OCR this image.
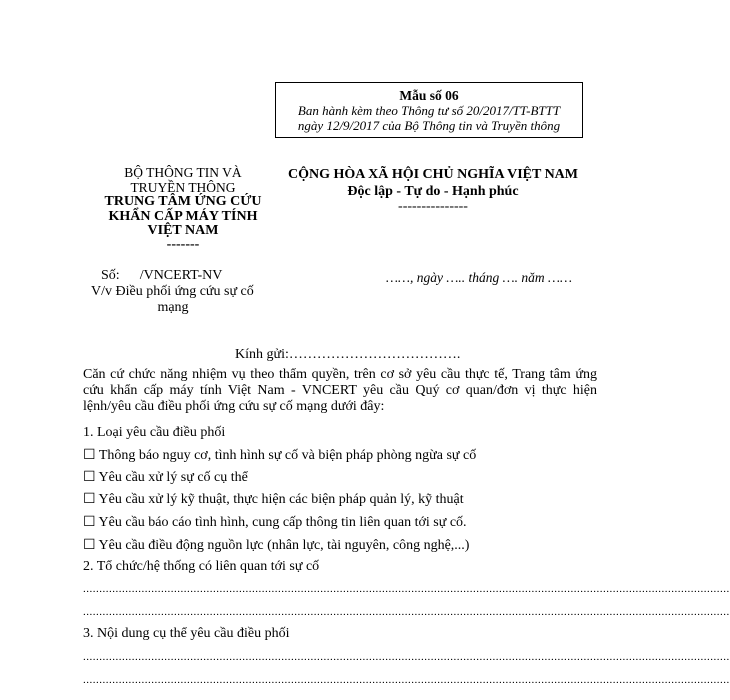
Mẫu số 06
Ban hành kèm theo Thông tư số 20/2017/TT-BTTT
ngày 12/9/2017 của Bộ Thông tin và Truyền thông
BỘ THÔNG TIN VÀ
TRUYỀN THÔNG
TRUNG TÂM ỨNG CỨU
KHẨN CẤP MÁY TÍNH
VIỆT NAM
-------
CỘNG HÒA XÃ HỘI CHỦ NGHĨA VIỆT NAM
Độc lập - Tự do - Hạnh phúc
---------------
Số: /VNCERT-NV
V/v Điều phối ứng cứu sự cố
mạng
……, ngày ….. tháng …. năm ……
Kính gửi:……………………………….
Căn cứ chức năng nhiệm vụ theo thẩm quyền, trên cơ sở yêu cầu thực tế, Trang tâm ứng cứu khẩn cấp máy tính Việt Nam - VNCERT yêu cầu Quý cơ quan/đơn vị thực hiện lệnh/yêu cầu điều phối ứng cứu sự cố mạng dưới đây:
1. Loại yêu cầu điều phối
☐ Thông báo nguy cơ, tình hình sự cố và biện pháp phòng ngừa sự cố
☐ Yêu cầu xử lý sự cố cụ thể
☐ Yêu cầu xử lý kỹ thuật, thực hiện các biện pháp quản lý, kỹ thuật
☐ Yêu cầu báo cáo tình hình, cung cấp thông tin liên quan tới sự cố.
☐ Yêu cầu điều động nguồn lực (nhân lực, tài nguyên, công nghệ,...)
2. Tổ chức/hệ thống có liên quan tới sự cố
.......................................................................................................................................................................................................
.......................................................................................................................................................................................................
3. Nội dung cụ thể yêu cầu điều phối
.......................................................................................................................................................................................................
.......................................................................................................................................................................................................
